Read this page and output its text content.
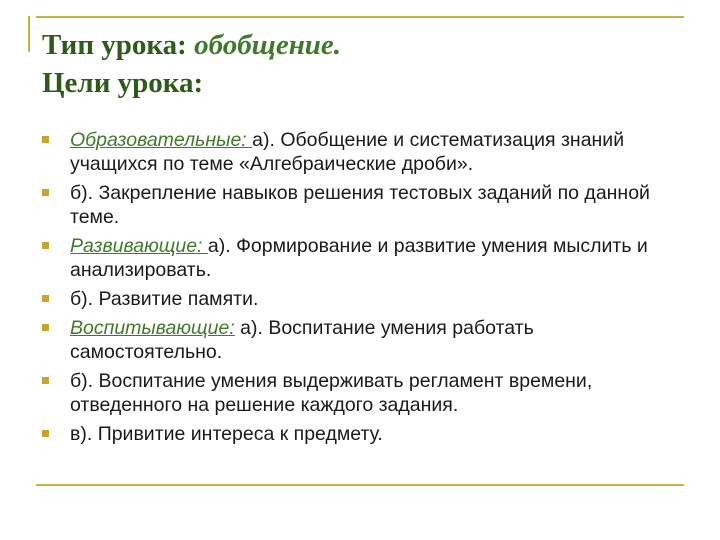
Тип урока: обобщение.
Цели урока:
Образовательные: а). Обобщение и систематизация знаний учащихся по теме «Алгебраические дроби».
б). Закрепление навыков решения тестовых заданий по данной теме.
Развивающие: а). Формирование и развитие умения мыслить и анализировать.
б). Развитие памяти.
Воспитывающие: а). Воспитание умения работать самостоятельно.
б). Воспитание умения выдерживать регламент времени, отведенного на решение каждого задания.
в). Привитие интереса к предмету.
